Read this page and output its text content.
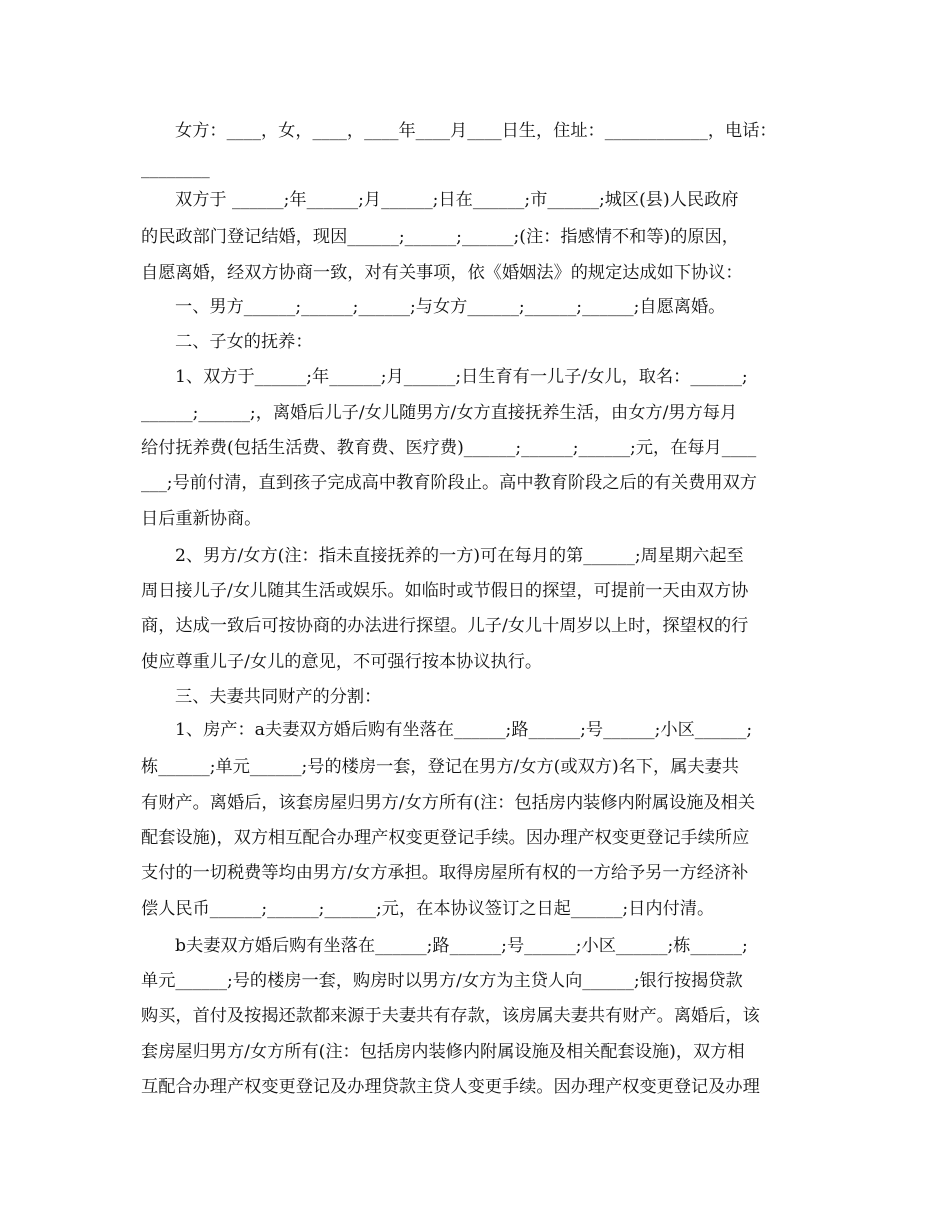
女方：____，女，____，____年____月____日生，住址：____________，电话：
________
双方于 ______;年______;月______;日在______;市______;城区(县)人民政府
的民政部门登记结婚，现因______;______;______;(注：指感情不和等)的原因，
自愿离婚，经双方协商一致，对有关事项，依《婚姻法》的规定达成如下协议：
一、男方______;______;______;与女方______;______;______;自愿离婚。
二、子女的抚养：
1、双方于______;年______;月______;日生育有一儿子/女儿，取名：______;
______;______;，离婚后儿子/女儿随男方/女方直接抚养生活，由女方/男方每月
给付抚养费(包括生活费、教育费、医疗费)______;______;______;元，在每月____
___;号前付清，直到孩子完成高中教育阶段止。高中教育阶段之后的有关费用双方
日后重新协商。
2、男方/女方(注：指未直接抚养的一方)可在每月的第______;周星期六起至
周日接儿子/女儿随其生活或娱乐。如临时或节假日的探望，可提前一天由双方协
商，达成一致后可按协商的办法进行探望。儿子/女儿十周岁以上时，探望权的行
使应尊重儿子/女儿的意见，不可强行按本协议执行。
三、夫妻共同财产的分割：
1、房产：a夫妻双方婚后购有坐落在______;路______;号______;小区______;
栋______;单元______;号的楼房一套，登记在男方/女方(或双方)名下，属夫妻共
有财产。离婚后，该套房屋归男方/女方所有(注：包括房内装修内附属设施及相关
配套设施)，双方相互配合办理产权变更登记手续。因办理产权变更登记手续所应
支付的一切税费等均由男方/女方承担。取得房屋所有权的一方给予另一方经济补
偿人民币______;______;______;元，在本协议签订之日起______;日内付清。
b夫妻双方婚后购有坐落在______;路______;号______;小区______;栋______;
单元______;号的楼房一套，购房时以男方/女方为主贷人向______;银行按揭贷款
购买，首付及按揭还款都来源于夫妻共有存款，该房属夫妻共有财产。离婚后，该
套房屋归男方/女方所有(注：包括房内装修内附属设施及相关配套设施)，双方相
互配合办理产权变更登记及办理贷款主贷人变更手续。因办理产权变更登记及办理
